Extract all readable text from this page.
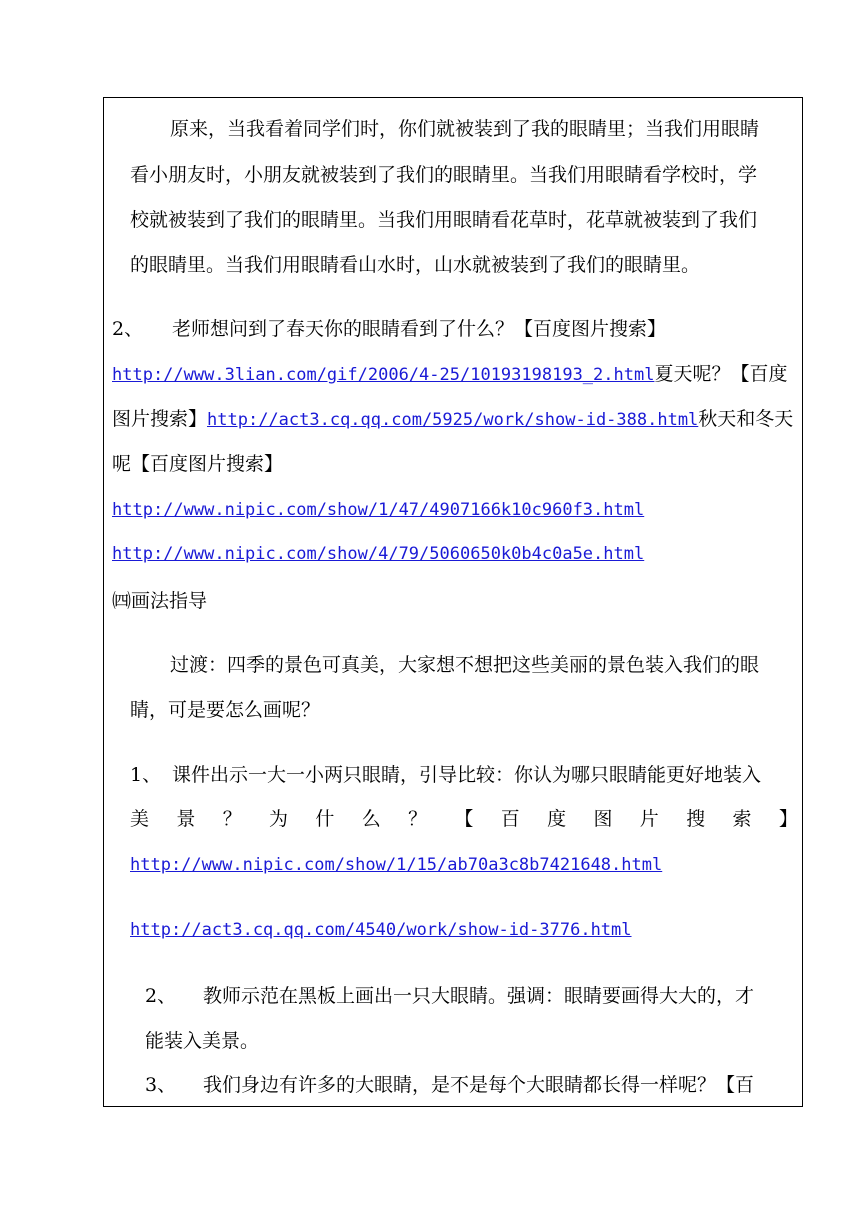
原来，当我看着同学们时，你们就被装到了我的眼睛里；当我们用眼睛
看小朋友时，小朋友就被装到了我们的眼睛里。当我们用眼睛看学校时，学
校就被装到了我们的眼睛里。当我们用眼睛看花草时，花草就被装到了我们
的眼睛里。当我们用眼睛看山水时，山水就被装到了我们的眼睛里。
2、 老师想问到了春天你的眼睛看到了什么？【百度图片搜索】
http://www.3lian.com/gif/2006/4-25/10193198193_2.html夏天呢？【百度
图片搜索】http://act3.cq.qq.com/5925/work/show-id-388.html秋天和冬天
呢【百度图片搜索】
http://www.nipic.com/show/1/47/4907166k10c960f3.html
http://www.nipic.com/show/4/79/5060650k0b4c0a5e.html
㈣画法指导
过渡：四季的景色可真美，大家想不想把这些美丽的景色装入我们的眼
睛，可是要怎么画呢？
1、 课件出示一大一小两只眼睛，引导比较：你认为哪只眼睛能更好地装入
美 景 ？ 为 什 么 ？ 【 百 度 图 片 搜 索 】
http://www.nipic.com/show/1/15/ab70a3c8b7421648.html
http://act3.cq.qq.com/4540/work/show-id-3776.html
2、 教师示范在黑板上画出一只大眼睛。强调：眼睛要画得大大的，才
能装入美景。
3、 我们身边有许多的大眼睛，是不是每个大眼睛都长得一样呢？【百
